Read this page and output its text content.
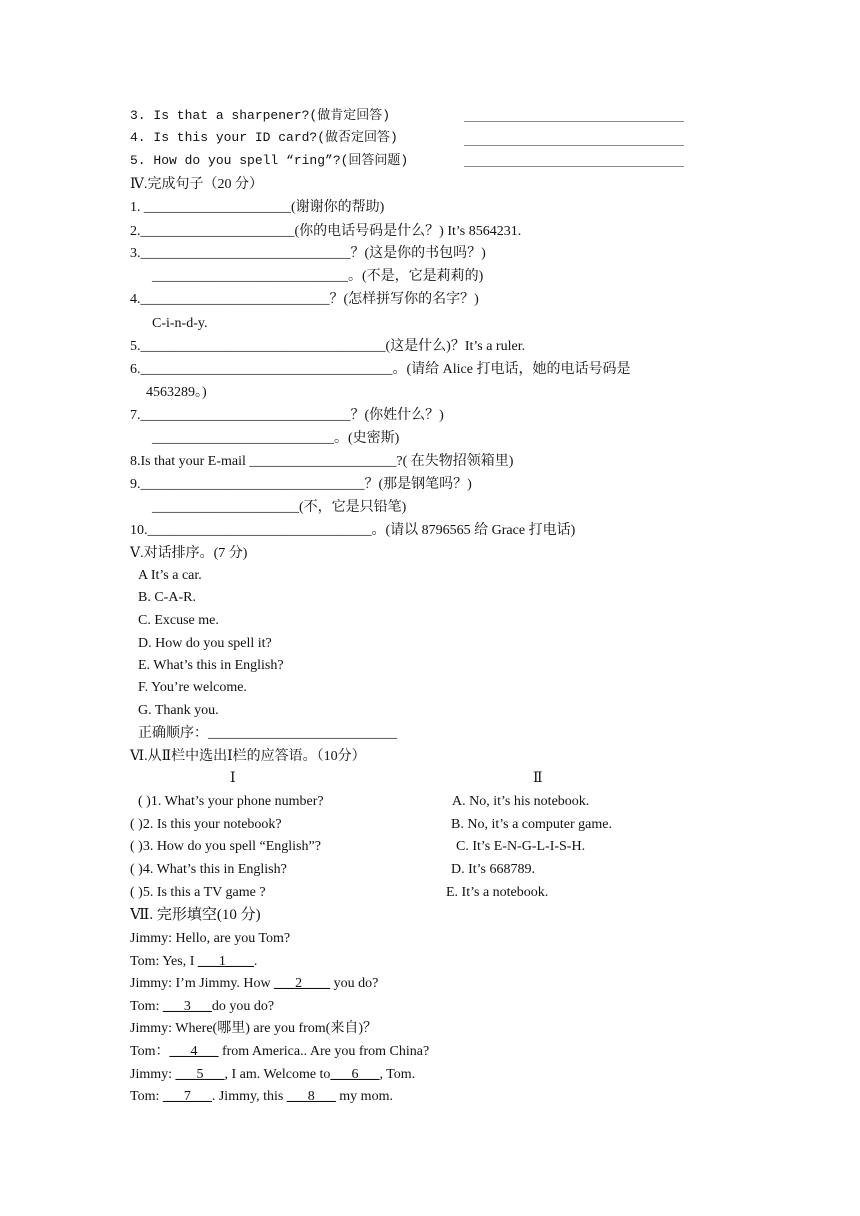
3. Is that a sharpener?(做肯定回答)
4. Is this your ID card?(做否定回答)
5. How do you spell “ring”?(回答问题)
Ⅳ.完成句子（20 分）
1. _____________________(谢谢你的帮助)
2.______________________(你的电话号码是什么？) It’s 8564231.
3.______________________________？(这是你的书包吗？)
____________________________。(不是，它是莉莉的)
4.___________________________？(怎样拼写你的名字？)
C-i-n-d-y.
5.___________________________________(这是什么)？It’s a ruler.
6.____________________________________。(请给 Alice 打电话，她的电话号码是
4563289。)
7.______________________________？(你姓什么？)
__________________________。(史密斯)
8.Is that your E-mail _____________________?( 在失物招领箱里)
9.________________________________？(那是钢笔吗？)
_____________________(不，它是只铅笔)
10.________________________________。(请以 8796565 给 Grace 打电话)
Ⅴ.对话排序。(7 分)
A It’s a car.
B. C-A-R.
C. Excuse me.
D. How do you spell it?
E. What’s this in English?
F. You’re welcome.
G. Thank you.
正确顺序：___________________________
Ⅵ.从Ⅱ栏中选出Ⅰ栏的应答语。（10分）
Ⅰ	Ⅱ
( )1. What’s your phone number?
( )2. Is this your notebook?
( )3. How do you spell “English”?
( )4. What’s this in English?
( )5. Is this a TV game ?
A. No, it’s his notebook.
B. No, it’s a computer game.
C. It’s E-N-G-L-I-S-H.
D. It’s 668789.
E. It’s a notebook.
Ⅶ. 完形填空(10 分)
Jimmy: Hello, are you Tom?
Tom: Yes, I ___1____.
Jimmy: I’m Jimmy. How ___2____ you do?
Tom: ___3___do you do?
Jimmy: Where(哪里) are you from(来自)？
Tom：___4___ from America.. Are you from China?
Jimmy: ___5___, I am. Welcome to___6___, Tom.
Tom: ___7___. Jimmy, this ___8___ my mom.
